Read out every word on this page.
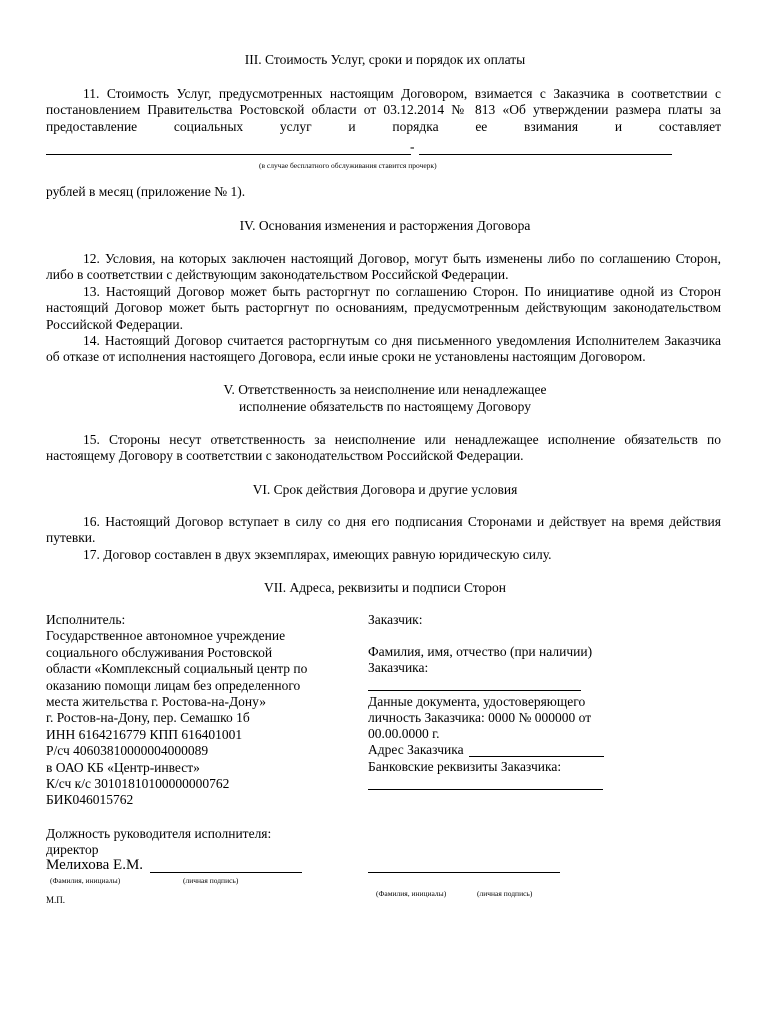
III. Стоимость Услуг, сроки и порядок их оплаты
11. Стоимость Услуг, предусмотренных настоящим Договором, взимается с Заказчика в соответствии с постановлением Правительства Ростовской области от 03.12.2014 № 813 «Об утверждении размера платы за предоставление социальных услуг и порядка ее взимания и составляет
-
(в случае бесплатного обслуживания ставится прочерк)
рублей в месяц (приложение № 1).
IV. Основания изменения и расторжения Договора
12. Условия, на которых заключен настоящий Договор, могут быть изменены либо по соглашению Сторон, либо в соответствии с действующим законодательством Российской Федерации.
13. Настоящий Договор может быть расторгнут по соглашению Сторон. По инициативе одной из Сторон настоящий Договор может быть расторгнут по основаниям, предусмотренным действующим законодательством Российской Федерации.
14. Настоящий Договор считается расторгнутым со дня письменного уведомления Исполнителем Заказчика об отказе от исполнения настоящего Договора, если иные сроки не установлены настоящим Договором.
V. Ответственность за неисполнение или ненадлежащее
исполнение обязательств по настоящему Договору
15. Стороны несут ответственность за неисполнение или ненадлежащее исполнение обязательств по настоящему Договору в соответствии с законодательством Российской Федерации.
VI. Срок действия Договора и другие условия
16. Настоящий Договор вступает в силу со дня его подписания Сторонами и действует на время действия путевки.
17. Договор составлен в двух экземплярах, имеющих равную юридическую силу.
VII. Адреса, реквизиты и подписи Сторон
Исполнитель:
Государственное автономное учреждение
социального обслуживания Ростовской
области «Комплексный социальный центр по
оказанию помощи лицам без определенного
места жительства г. Ростова-на-Дону»
г. Ростов-на-Дону, пер. Семашко 1б
ИНН 6164216779 КПП 616401001
Р/сч 40603810000004000089
в ОАО КБ «Центр-инвест»
К/сч к/с 30101810100000000762
БИК046015762
Должность руководителя исполнителя:
директор
Мелихова Е.М.
(Фамилия, инициалы)	(личная подпись)
М.П.
Заказчик:
Фамилия, имя, отчество (при наличии)
Заказчика:
Данные документа, удостоверяющего
личность Заказчика: 0000 № 000000 от
00.00.0000 г.
Адрес Заказчика
Банковские реквизиты Заказчика:
(Фамилия, инициалы)	(личная подпись)
